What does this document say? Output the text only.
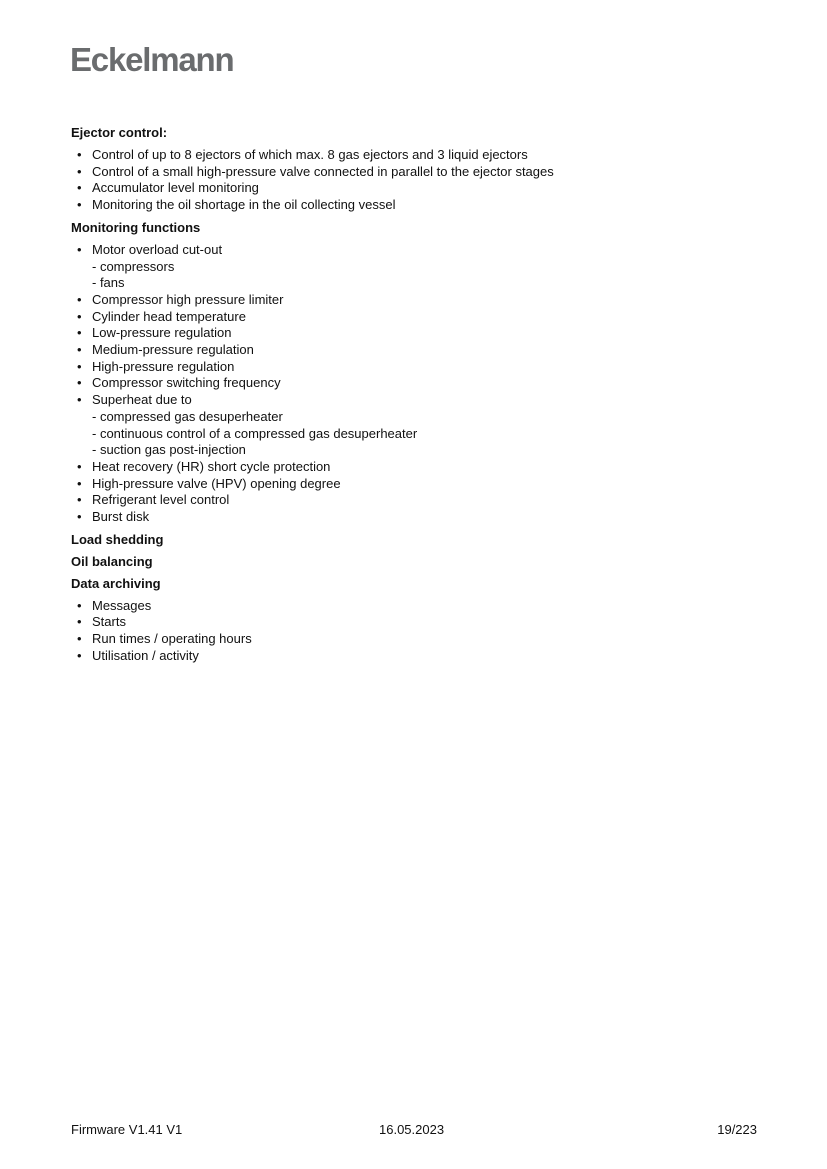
Eckelmann

Ejector control:

• Control of up to 8 ejectors of which max. 8 gas ejectors and 3 liquid ejectors
• Control of a small high-pressure valve connected in parallel to the ejector stages
• Accumulator level monitoring
• Monitoring the oil shortage in the oil collecting vessel

Monitoring functions

• Motor overload cut-out
- compressors
- fans
• Compressor high pressure limiter
• Cylinder head temperature
• Low-pressure regulation
• Medium-pressure regulation
• High-pressure regulation
• Compressor switching frequency
• Superheat due to
- compressed gas desuperheater
- continuous control of a compressed gas desuperheater
- suction gas post-injection
• Heat recovery (HR) short cycle protection
• High-pressure valve (HPV) opening degree
• Refrigerant level control
• Burst disk

Load shedding

Oil balancing

Data archiving

• Messages
• Starts
• Run times / operating hours
• Utilisation / activity
Firmware V1.41 V1	16.05.2023	19/223
